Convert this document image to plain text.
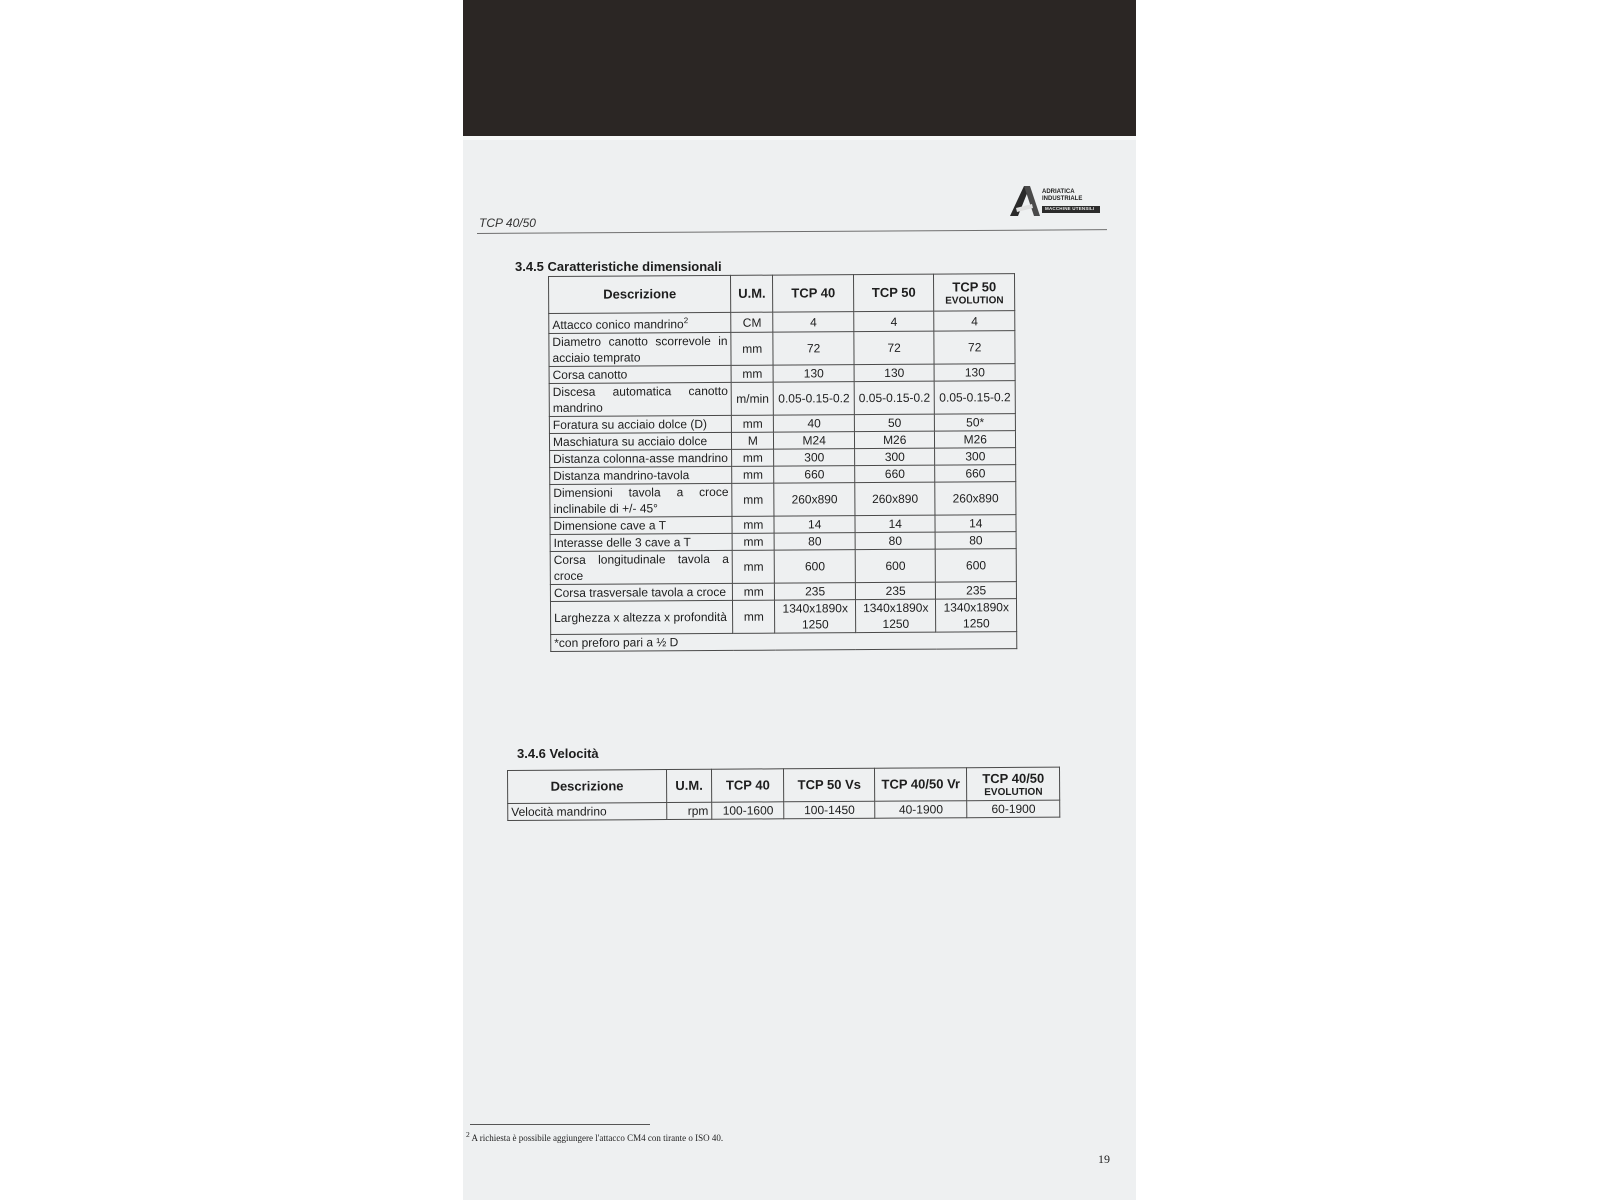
TCP 40/50
ADRIATICA
INDUSTRIALE
MACCHINE UTENSILI
3.4.5 Caratteristiche dimensionali
Descrizione	U.M.	TCP 40	TCP 50	TCP 50
EVOLUTION

Attacco conico mandrino$^2$	CM	4	4	4
Diametro canotto scorrevole in acciaio temprato	mm	72	72	72
Corsa canotto	mm	130	130	130
Discesa automatica canotto mandrino	m/min	0.05-0.15-0.2	0.05-0.15-0.2	0.05-0.15-0.2
Foratura su acciaio dolce (D)	mm	40	50	50*
Maschiatura su acciaio dolce	M	M24	M26	M26
Distanza colonna-asse mandrino	mm	300	300	300
Distanza mandrino-tavola	mm	660	660	660
Dimensioni tavola a croce inclinabile di +/- 45°	mm	260x890	260x890	260x890
Dimensione cave a T	mm	14	14	14
Interasse delle 3 cave a T	mm	80	80	80
Corsa longitudinale tavola a croce	mm	600	600	600
Corsa trasversale tavola a croce	mm	235	235	235
Larghezza x altezza x profondità	mm	1340x1890x 1250	1340x1890x 1250	1340x1890x 1250
*con preforo pari a ½ D				
3.4.6 Velocità
Descrizione	U.M.	TCP 40	TCP 50 Vs	TCP 40/50 Vr	TCP 40/50
EVOLUTION

Velocità mandrino	rpm	100-1600	100-1450	40-1900	60-1900
$^2$ A richiesta è possibile aggiungere l'attacco CM4 con tirante o ISO 40.
19
